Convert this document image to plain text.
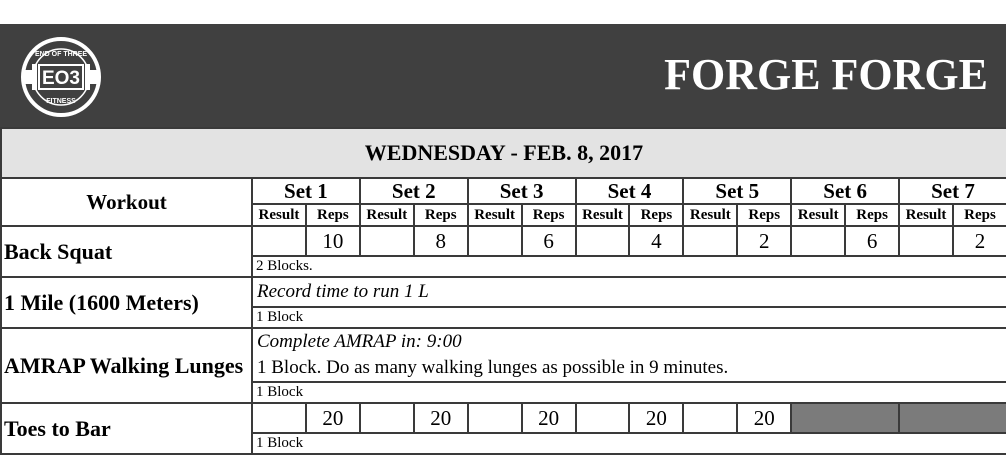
EO3
END OF THREE
FITNESS
FORGE FORGE
WEDNESDAY - FEB. 8, 2017														
Workout	Set 1		Set 2		Set 3		Set 4		Set 5		Set 6		Set 7	
	Result	Reps	Result	Reps	Result	Reps	Result	Reps	Result	Reps	Result	Reps	Result	Reps
Back Squat		10		8		6		4		2		6		2
	2 Blocks.													
1 Mile (1600 Meters)	Record time to run 1 L													
	1 Block													
AMRAP Walking Lunges	Complete AMRAP in: 9:00
1 Block. Do as many walking lunges as possible in 9 minutes.													

	1 Block													
Toes to Bar		20		20		20		20		20				
	1 Block													
